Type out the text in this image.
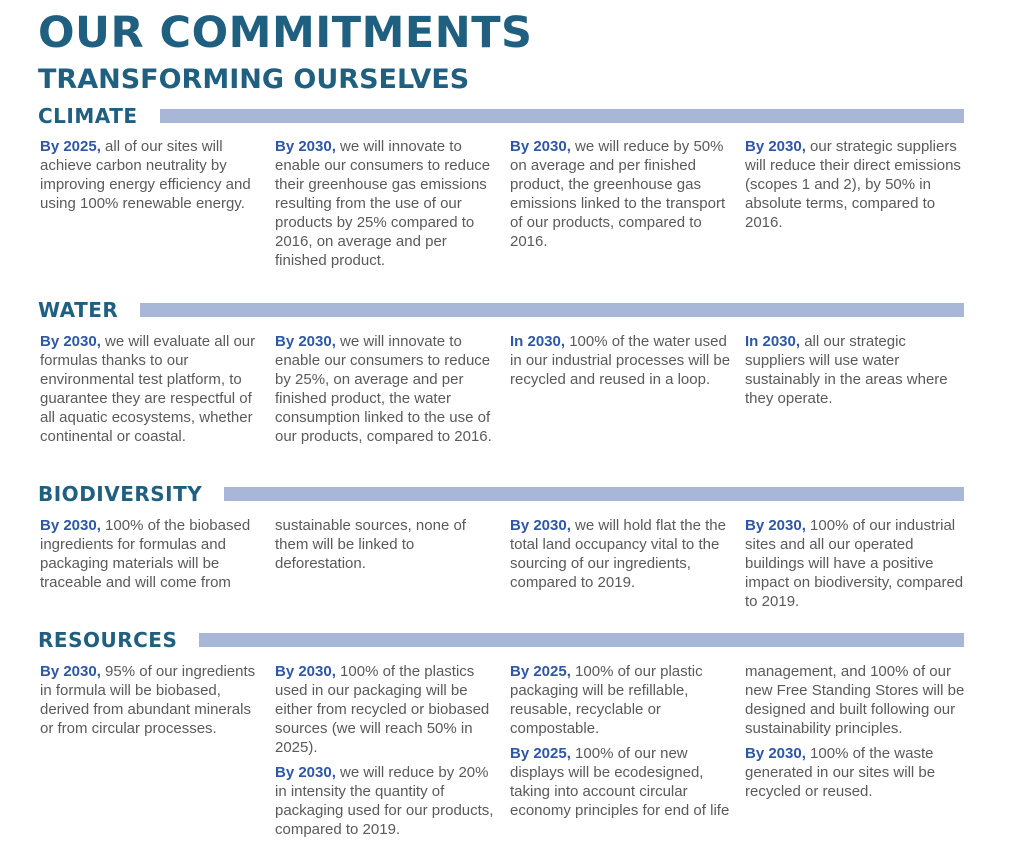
OUR COMMITMENTS
TRANSFORMING OURSELVES
CLIMATE

By 2025, all of our sites will achieve carbon neutrality by improving energy efficiency and using 100% renewable energy.

By 2030, we will innovate to enable our consumers to reduce their greenhouse gas emissions resulting from the use of our products by 25% compared to 2016, on average and per finished product.

By 2030, we will reduce by 50% on average and per finished product, the greenhouse gas emissions linked to the transport of our products, compared to 2016.

By 2030, our strategic suppliers will reduce their direct emissions (scopes 1 and 2), by 50% in absolute terms, compared to 2016.

WATER

By 2030, we will evaluate all our formulas thanks to our environmental test platform, to guarantee they are respectful of all aquatic ecosystems, whether continental or coastal.

By 2030, we will innovate to enable our consumers to reduce by 25%, on average and per finished product, the water consumption linked to the use of our products, compared to 2016.

In 2030, 100% of the water used in our industrial processes will be recycled and reused in a loop.

In 2030, all our strategic suppliers will use water sustainably in the areas where they operate.

BIODIVERSITY

By 2030, 100% of the biobased ingredients for formulas and packaging materials will be traceable and will come from

sustainable sources, none of them will be linked to deforestation.

By 2030, we will hold flat the the total land occupancy vital to the sourcing of our ingredients, compared to 2019.

By 2030, 100% of our industrial sites and all our operated buildings will have a positive impact on biodiversity, compared to 2019.

RESOURCES

By 2030, 95% of our ingredients in formula will be biobased, derived from abundant minerals or from circular processes.

By 2030, 100% of the plastics used in our packaging will be either from recycled or biobased sources (we will reach 50% in 2025).

By 2030, we will reduce by 20% in intensity the quantity of packaging used for our products, compared to 2019.

By 2025, 100% of our plastic packaging will be refillable, reusable, recyclable or compostable.

By 2025, 100% of our new displays will be ecodesigned, taking into account circular economy principles for end of life

management, and 100% of our new Free Standing Stores will be designed and built following our sustainability principles.

By 2030, 100% of the waste generated in our sites will be recycled or reused.
